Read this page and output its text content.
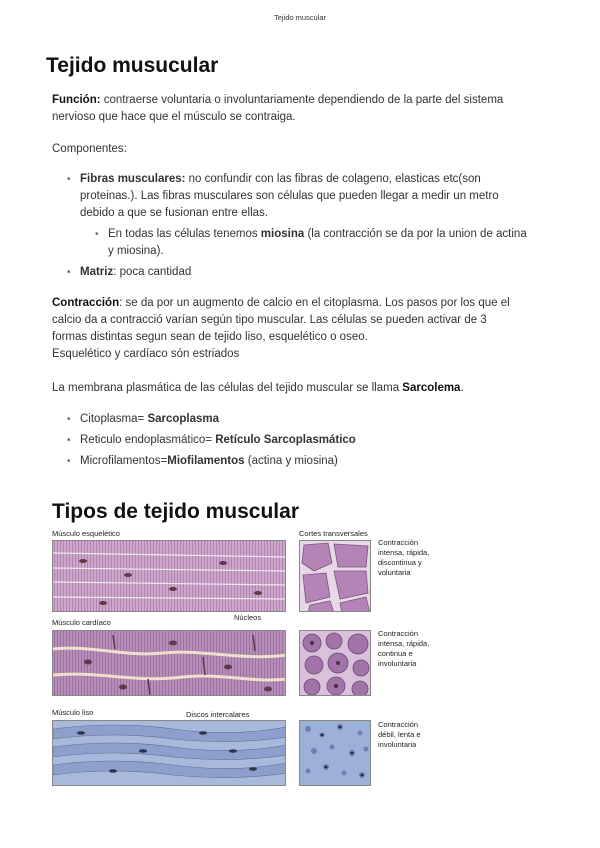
Tejido muscular
Tejido musucular
Función: contraerse voluntaria o involuntariamente dependiendo de la parte del sistema
nervioso que hace que el músculo se contraiga.
Componentes:
• Fibras musculares: no confundir con las fibras de colageno, elasticas etc(son
proteinas.). Las fibras musculares son células que pueden llegar a medir un metro
debido a que se fusionan entre ellas.
• En todas las células tenemos miosina (la contracción se da por la union de actina
y miosina).
• Matriz: poca cantidad
Contracción: se da por un augmento de calcio en el citoplasma. Los pasos por los que el
calcio da a contracció varían según tipo muscular. Las células se pueden activar de 3
formas distintas segun sean de tejido liso, esquelético o oseo.
Esquelético y cardíaco són estriados
La membrana plasmática de las células del tejido muscular se llama Sarcolema.
• Citoplasma= Sarcoplasma
• Reticulo endoplasmático= Retículo Sarcoplasmático
• Microfilamentos=Miofilamentos (actina y miosina)
Tipos de tejido muscular
Músculo esquelético	Cortes transversales
Contracción
intensa, rápida,
discontinua y
voluntaria
Núcleos
Músculo cardíaco
Contracción
intensa, rápida,
continua e
involuntaria
Músculo liso	Discos intercalares
Contracción
débil, lenta e
involuntaria
